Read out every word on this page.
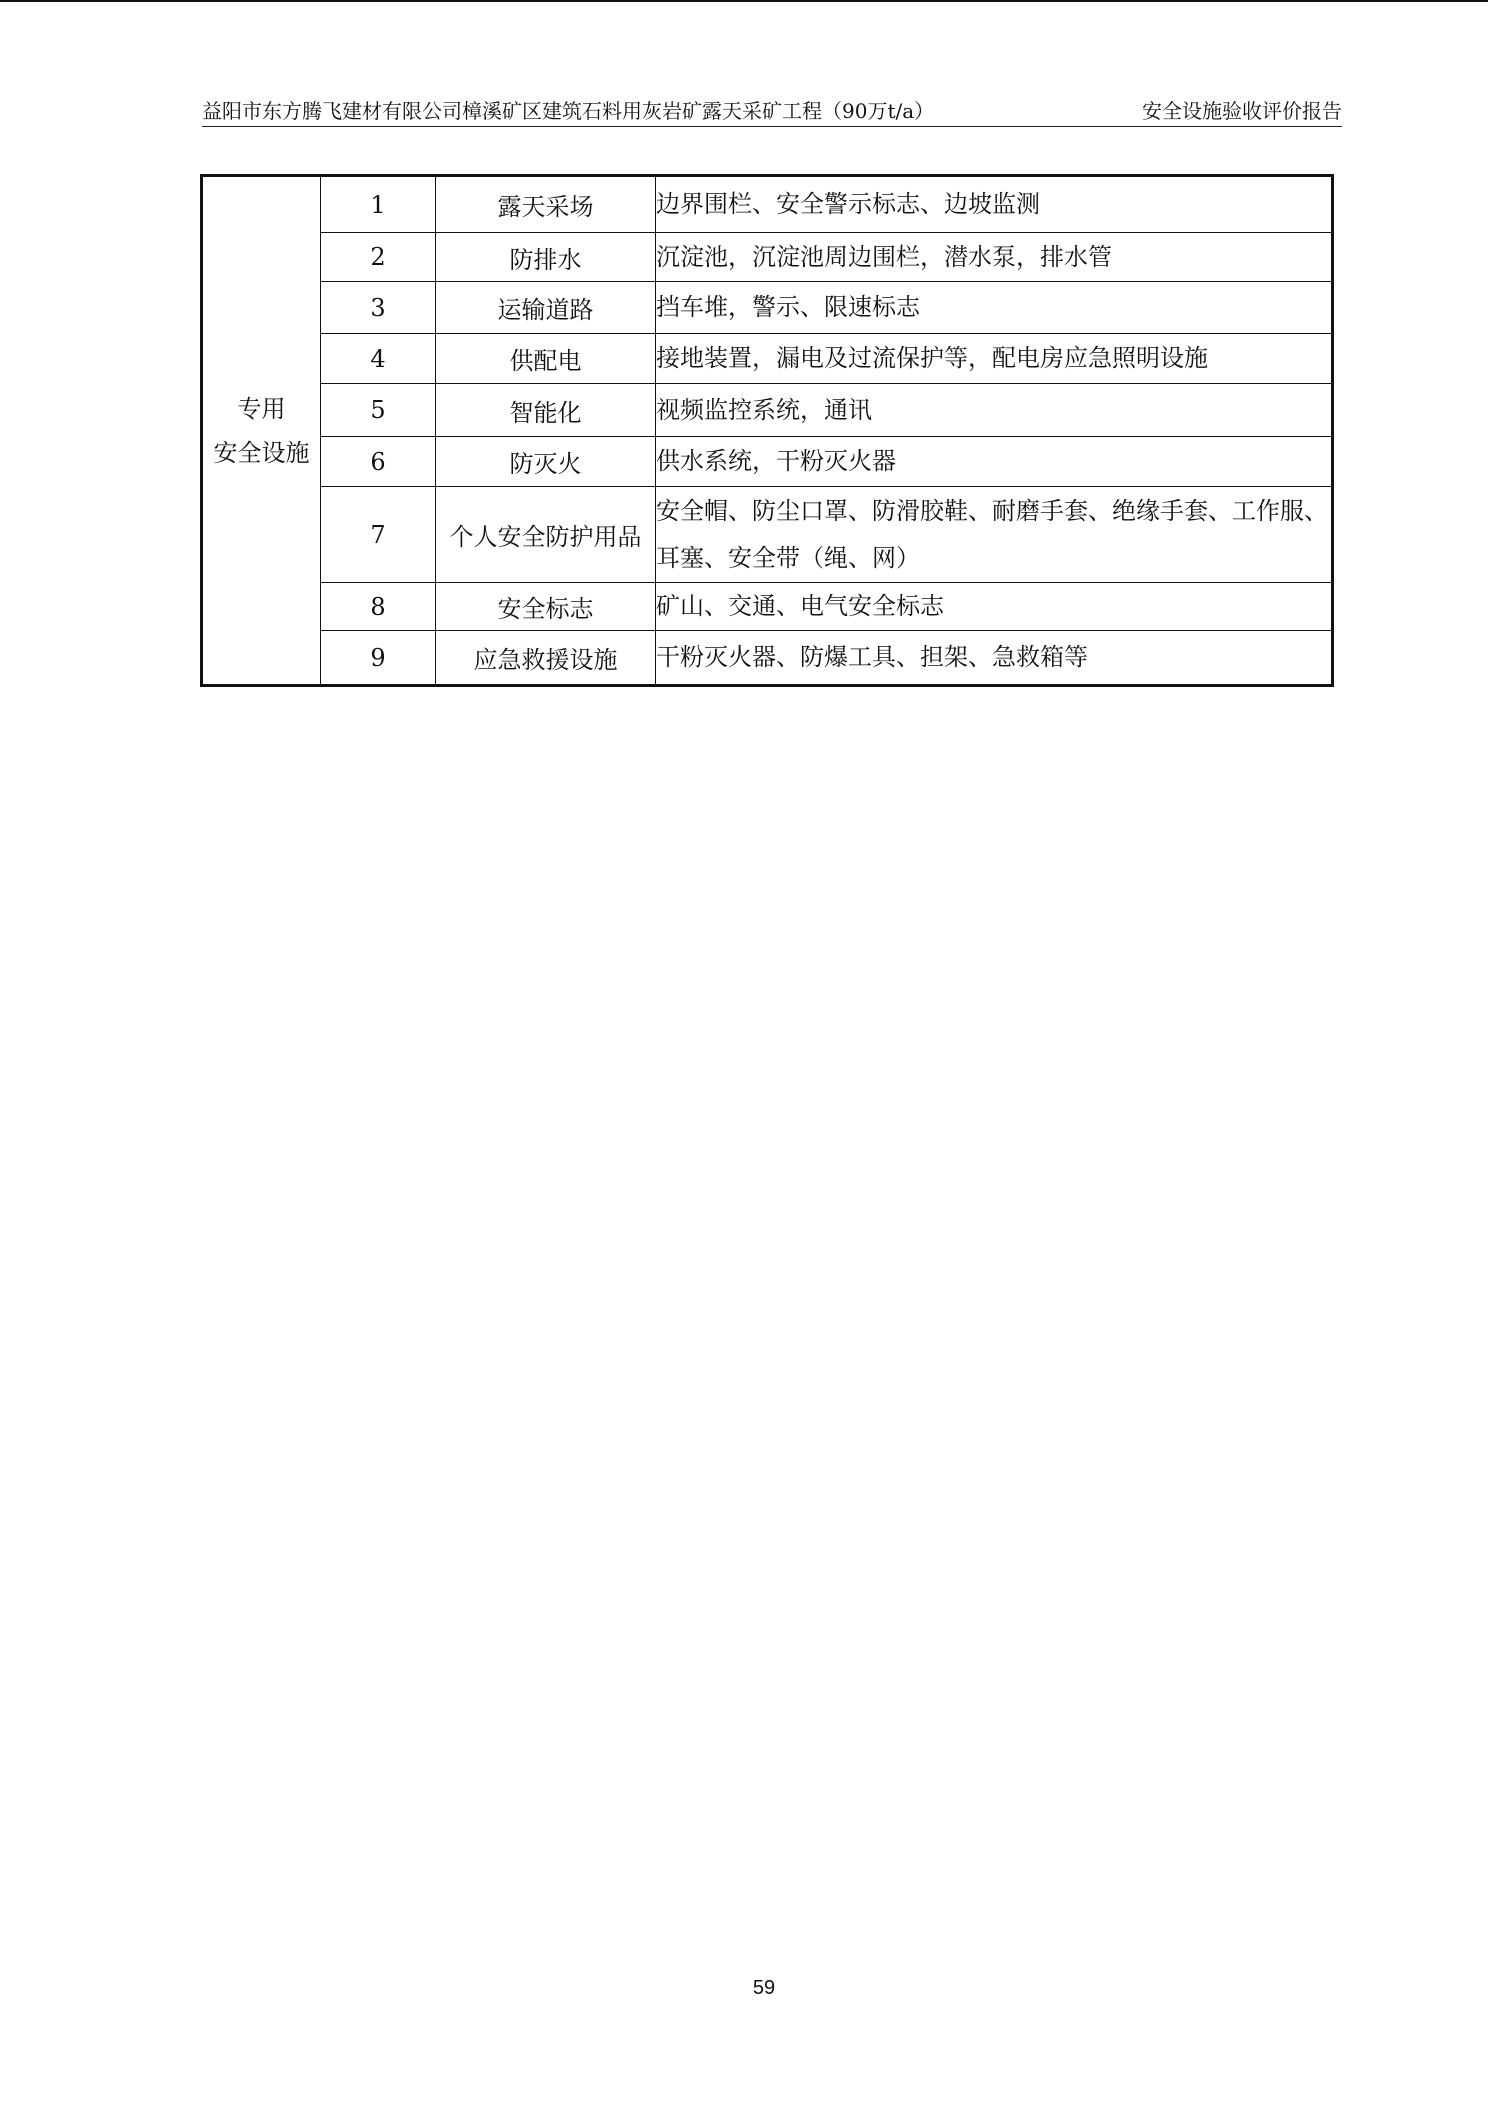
益阳市东方腾飞建材有限公司樟溪矿区建筑石料用灰岩矿露天采矿工程（90万t/a）	安全设施验收评价报告
专用
安全设施	1	露天采场	边界围栏、安全警示标志、边坡监测
	2	防排水	沉淀池，沉淀池周边围栏，潜水泵，排水管
	3	运输道路	挡车堆，警示、限速标志
	4	供配电	接地装置，漏电及过流保护等，配电房应急照明设施
	5	智能化	视频监控系统，通讯
	6	防灭火	供水系统，干粉灭火器
	7	个人安全防护用品	安全帽、防尘口罩、防滑胶鞋、耐磨手套、绝缘手套、工作服、耳塞、安全带（绳、网）
	8	安全标志	矿山、交通、电气安全标志
	9	应急救援设施	干粉灭火器、防爆工具、担架、急救箱等
59
